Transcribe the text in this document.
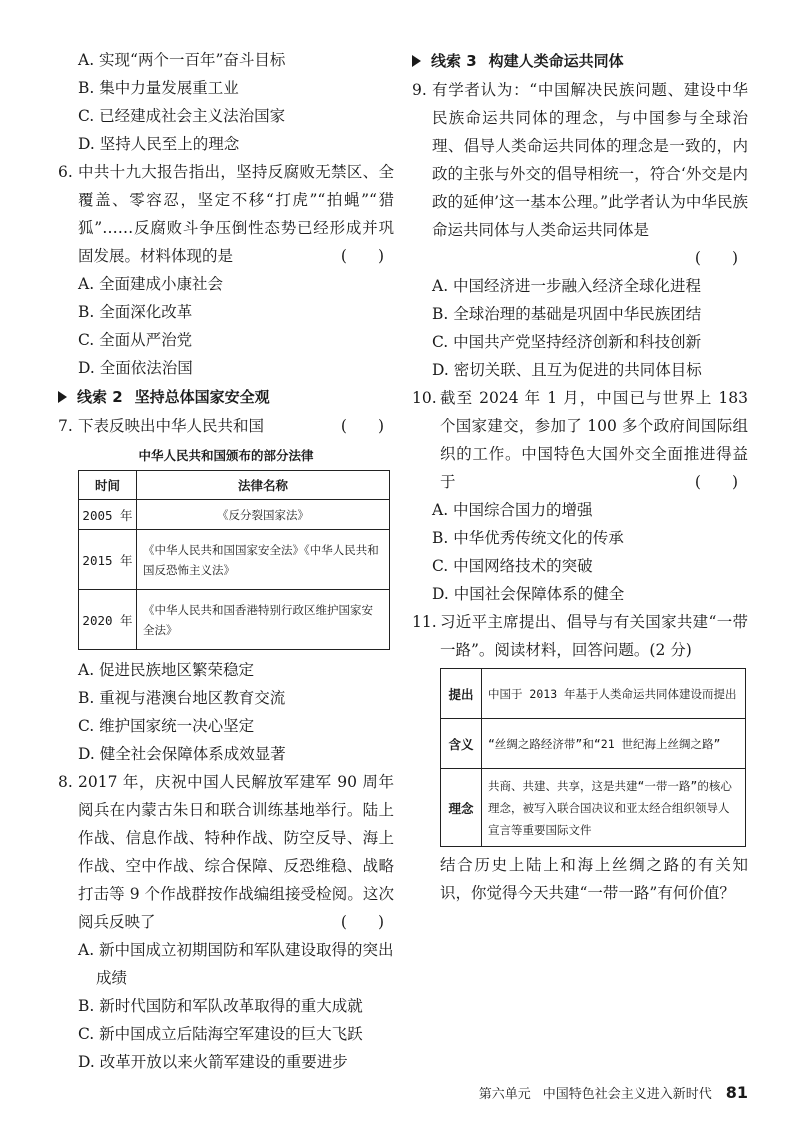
A. 实现“两个一百年”奋斗目标
B. 集中力量发展重工业
C. 已经建成社会主义法治国家
D. 坚持人民至上的理念
6. 中共十九大报告指出，坚持反腐败无禁区、全覆盖、零容忍，坚定不移“打虎”“拍蝇”“猎狐”……反腐败斗争压倒性态势已经形成并巩固发展。材料体现的是	(　　)
A. 全面建成小康社会
B. 全面深化改革
C. 全面从严治党
D. 全面依法治国
线索 2 坚持总体国家安全观
7. 下表反映出中华人民共和国	(　　)
中华人民共和国颁布的部分法律
时间	法律名称
2005 年	《反分裂国家法》
2015 年	《中华人民共和国国家安全法》《中华人民共和国反恐怖主义法》
2020 年	《中华人民共和国香港特别行政区维护国家安全法》
A. 促进民族地区繁荣稳定
B. 重视与港澳台地区教育交流
C. 维护国家统一决心坚定
D. 健全社会保障体系成效显著
8. 2017 年，庆祝中国人民解放军建军 90 周年阅兵在内蒙古朱日和联合训练基地举行。陆上作战、信息作战、特种作战、防空反导、海上作战、空中作战、综合保障、反恐维稳、战略打击等 9 个作战群按作战编组接受检阅。这次阅兵反映了	(　　)
A. 新中国成立初期国防和军队建设取得的突出成绩
B. 新时代国防和军队改革取得的重大成就
C. 新中国成立后陆海空军建设的巨大飞跃
D. 改革开放以来火箭军建设的重要进步
线索 3 构建人类命运共同体
9. 有学者认为：“中国解决民族问题、建设中华民族命运共同体的理念，与中国参与全球治理、倡导人类命运共同体的理念是一致的，内政的主张与外交的倡导相统一，符合‘外交是内政的延伸’这一基本公理。”此学者认为中华民族命运共同体与人类命运共同体是
(　　)
A. 中国经济进一步融入经济全球化进程
B. 全球治理的基础是巩固中华民族团结
C. 中国共产党坚持经济创新和科技创新
D. 密切关联、且互为促进的共同体目标
10. 截至 2024 年 1 月，中国已与世界上 183 个国家建交，参加了 100 多个政府间国际组织的工作。中国特色大国外交全面推进得益于	(　　)
A. 中国综合国力的增强
B. 中华优秀传统文化的传承
C. 中国网络技术的突破
D. 中国社会保障体系的健全
11. 习近平主席提出、倡导与有关国家共建“一带一路”。阅读材料，回答问题。(2 分)
提出	中国于 2013 年基于人类命运共同体建设而提出
含义	“丝绸之路经济带”和“21 世纪海上丝绸之路”
理念	共商、共建、共享，这是共建“一带一路”的核心理念，被写入联合国决议和亚太经合组织领导人宣言等重要国际文件
结合历史上陆上和海上丝绸之路的有关知识，你觉得今天共建“一带一路”有何价值？
第六单元 中国特色社会主义进入新时代 81
